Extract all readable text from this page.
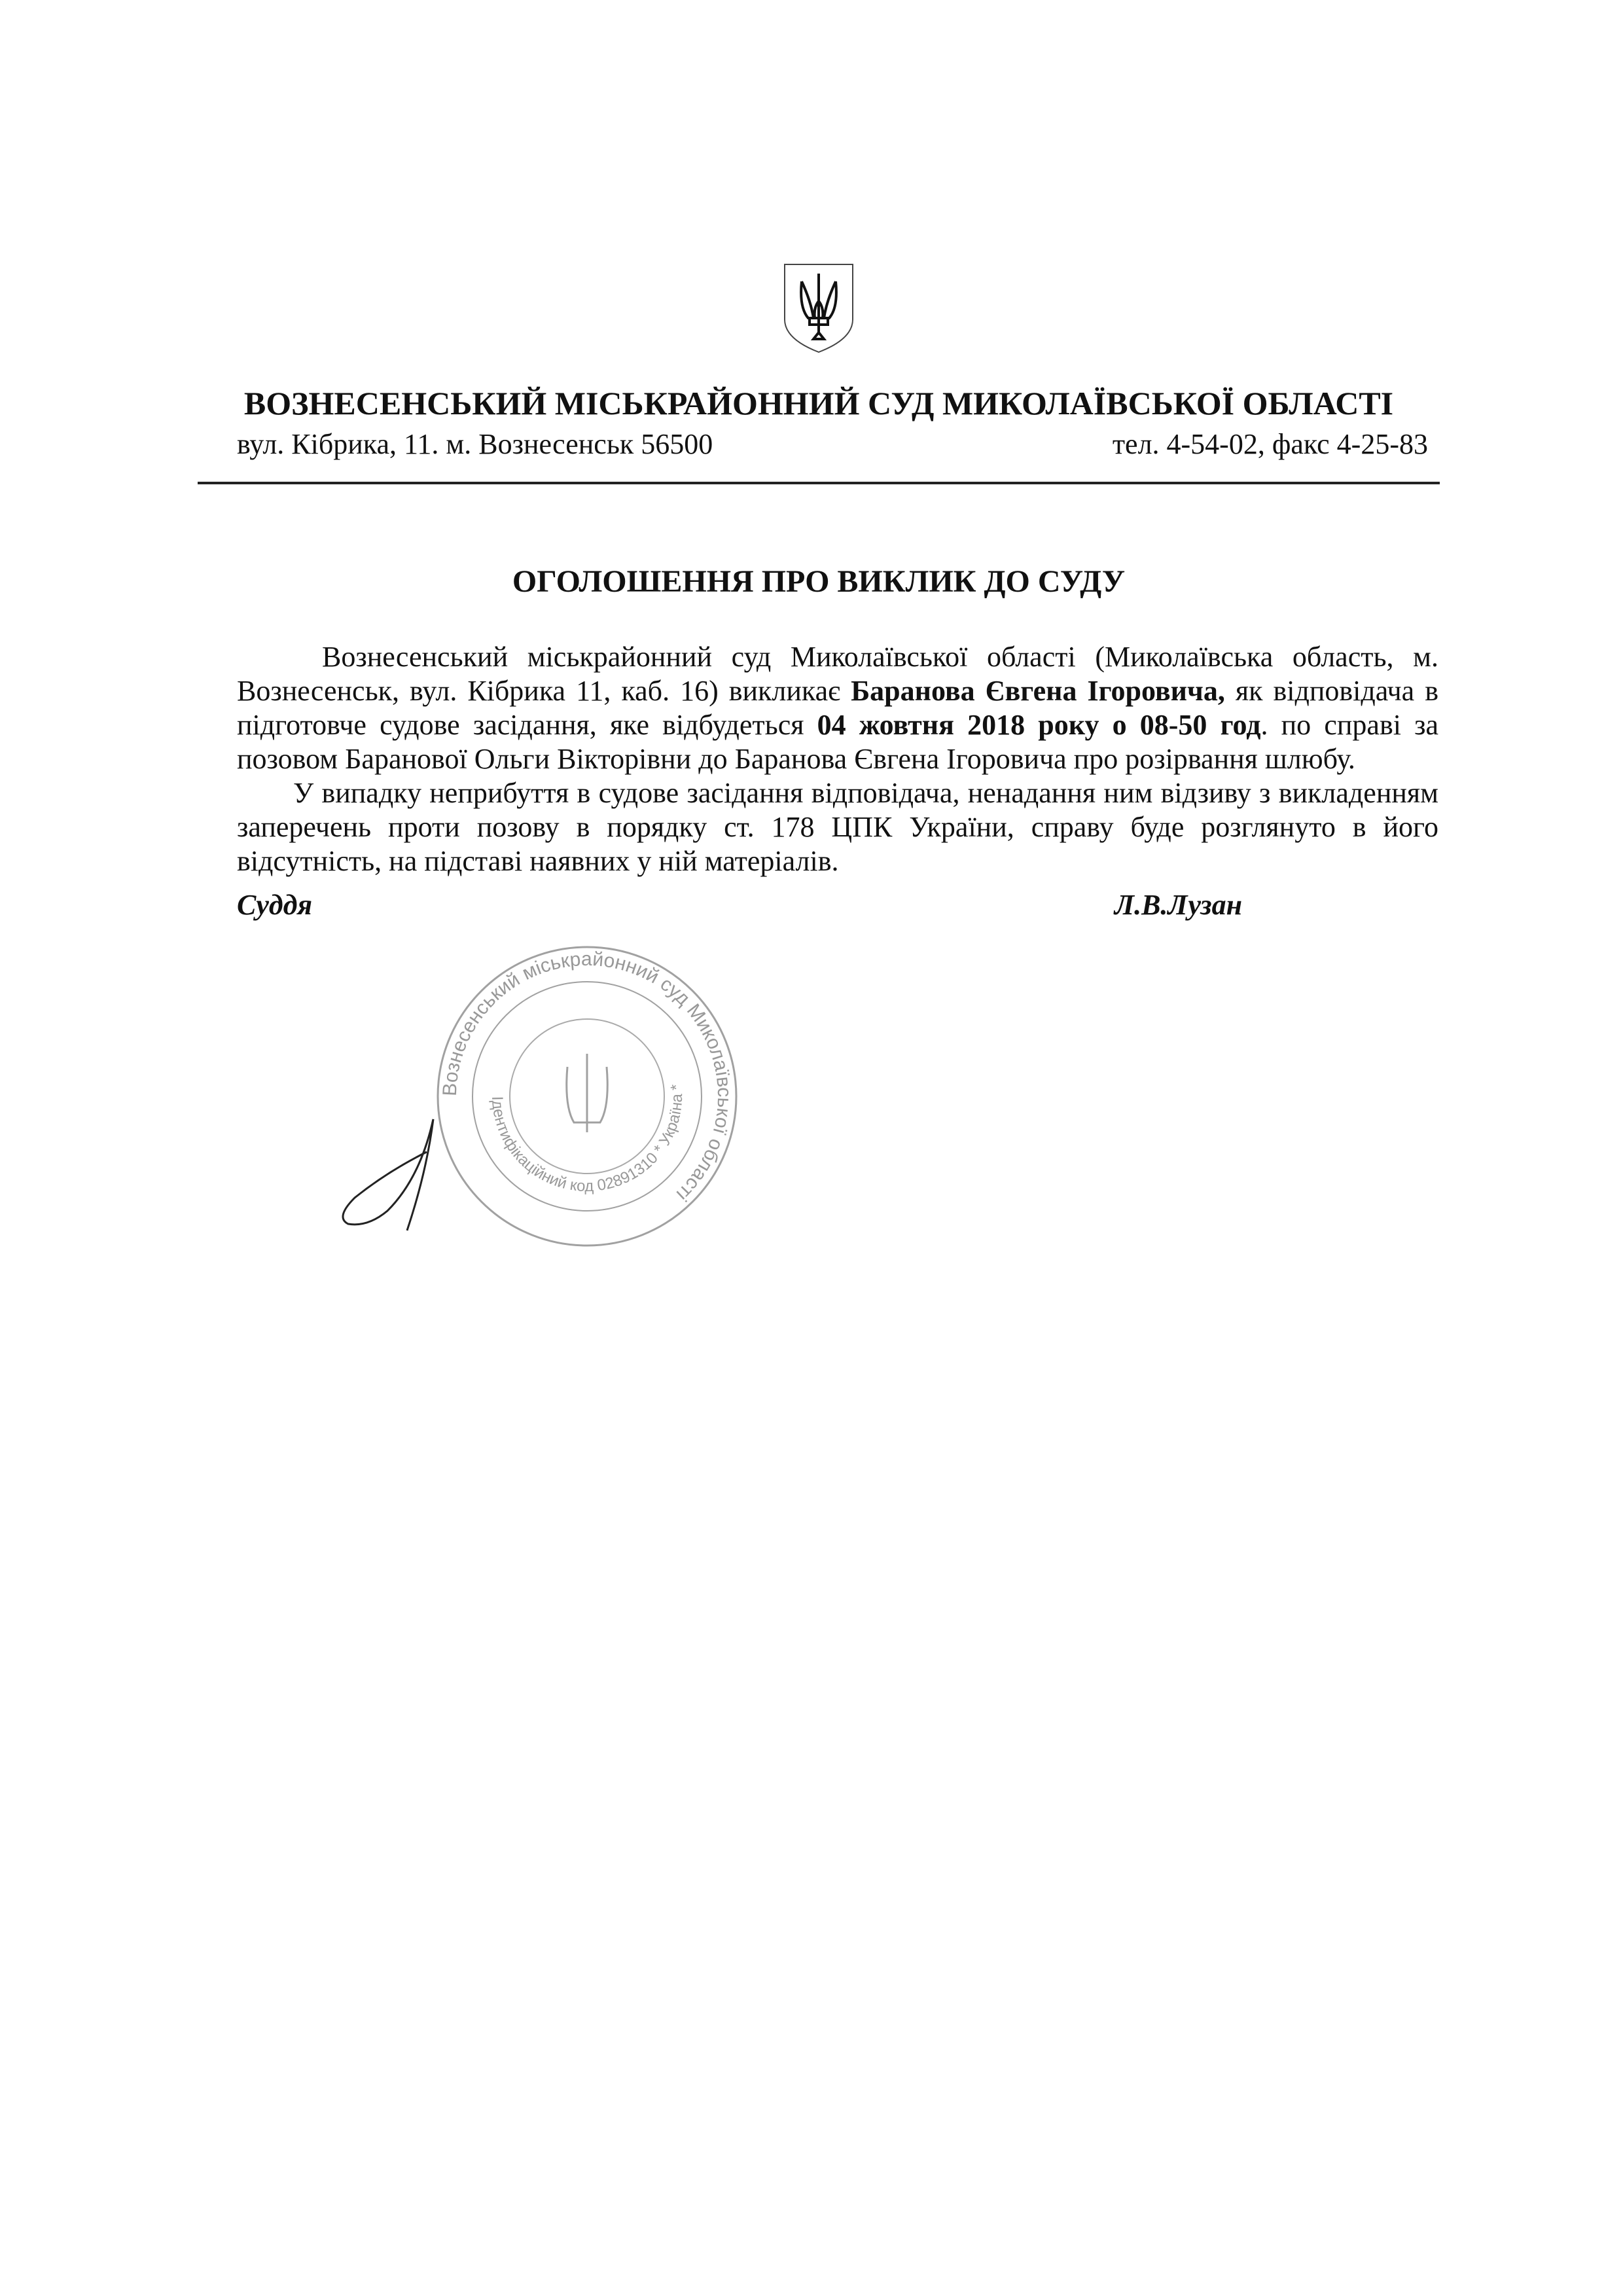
ВОЗНЕСЕНСЬКИЙ МІСЬКРАЙОННИЙ СУД МИКОЛАЇВСЬКОЇ ОБЛАСТІ
вул. Кібрика, 11. м. Вознесенськ 56500	тел. 4-54-02, факс 4-25-83
ОГОЛОШЕННЯ ПРО ВИКЛИК ДО СУДУ

Вознесенський міськрайонний суд Миколаївської області (Миколаївська область, м. Вознесенськ, вул. Кібрика 11, каб. 16) викликає Баранова Євгена Ігоровича, як відповідача в підготовче судове засідання, яке відбудеться 04 жовтня 2018 року о 08-50 год. по справі за позовом Баранової Ольги Вікторівни до Баранова Євгена Ігоровича про розірвання шлюбу.

У випадку неприбуття в судове засідання відповідача, ненадання ним відзиву з викладенням заперечень проти позову в порядку ст. 178 ЦПК України, справу буде розглянуто в його відсутність, на підставі наявних у ній матеріалів.

Суддя	Л.В.Лузан
Вознесенський міськрайонний суд Миколаївської області
Ідентифікаційний код 02891310 * Україна *
